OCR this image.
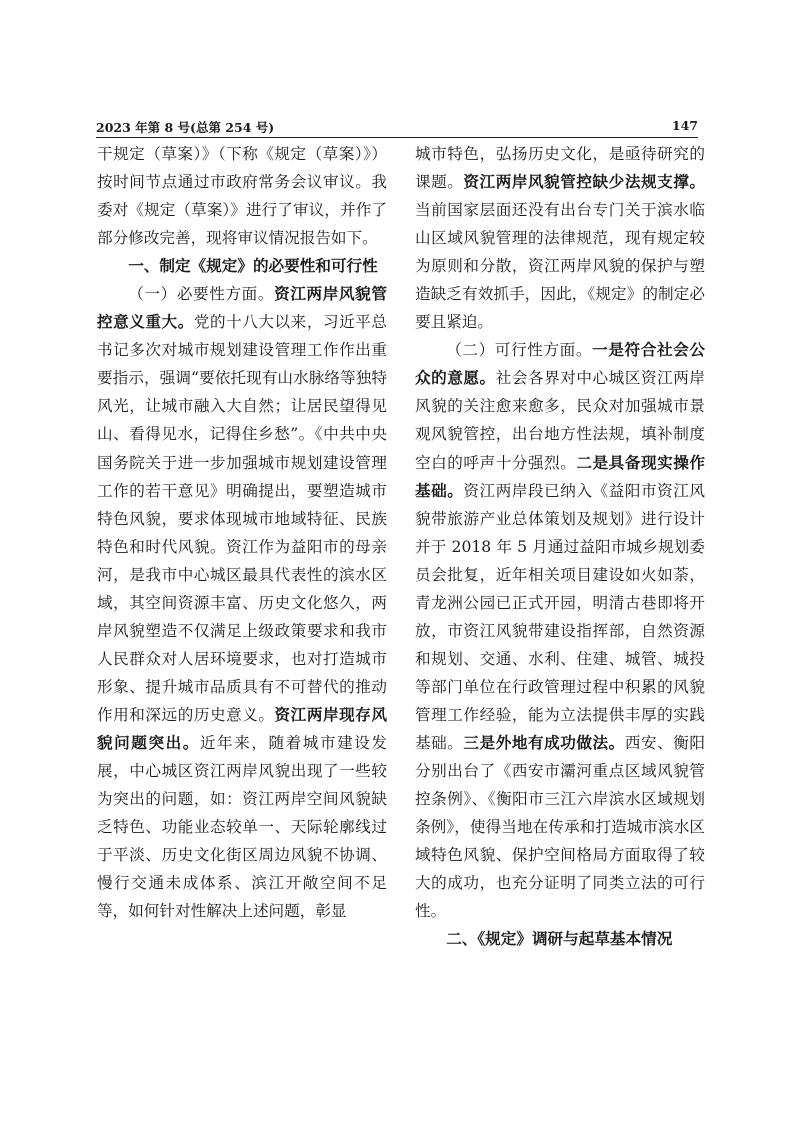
2023 年第 8 号(总第 254 号)	147

干规定（草案）》（下称《规定（草案）》）按时间节点通过市政府常务会议审议。我委对《规定（草案）》进行了审议，并作了部分修改完善，现将审议情况报告如下。

一、制定《规定》的必要性和可行性

（一）必要性方面。资江两岸风貌管控意义重大。党的十八大以来，习近平总书记多次对城市规划建设管理工作作出重要指示，强调“要依托现有山水脉络等独特风光，让城市融入大自然；让居民望得见山、看得见水，记得住乡愁”。《中共中央国务院关于进一步加强城市规划建设管理工作的若干意见》明确提出，要塑造城市特色风貌，要求体现城市地域特征、民族特色和时代风貌。资江作为益阳市的母亲河，是我市中心城区最具代表性的滨水区域，其空间资源丰富、历史文化悠久，两岸风貌塑造不仅满足上级政策要求和我市人民群众对人居环境要求，也对打造城市形象、提升城市品质具有不可替代的推动作用和深远的历史意义。资江两岸现存风貌问题突出。近年来，随着城市建设发展，中心城区资江两岸风貌出现了一些较为突出的问题，如：资江两岸空间风貌缺乏特色、功能业态较单一、天际轮廓线过于平淡、历史文化街区周边风貌不协调、慢行交通未成体系、滨江开敞空间不足等，如何针对性解决上述问题，彰显

城市特色，弘扬历史文化，是亟待研究的课题。资江两岸风貌管控缺少法规支撑。当前国家层面还没有出台专门关于滨水临山区域风貌管理的法律规范，现有规定较为原则和分散，资江两岸风貌的保护与塑造缺乏有效抓手，因此，《规定》的制定必要且紧迫。

（二）可行性方面。一是符合社会公众的意愿。社会各界对中心城区资江两岸风貌的关注愈来愈多，民众对加强城市景观风貌管控，出台地方性法规，填补制度空白的呼声十分强烈。二是具备现实操作基础。资江两岸段已纳入《益阳市资江风貌带旅游产业总体策划及规划》进行设计并于 2018 年 5 月通过益阳市城乡规划委员会批复，近年相关项目建设如火如荼，青龙洲公园已正式开园，明清古巷即将开放，市资江风貌带建设指挥部，自然资源和规划、交通、水利、住建、城管、城投等部门单位在行政管理过程中积累的风貌管理工作经验，能为立法提供丰厚的实践基础。三是外地有成功做法。西安、衡阳分别出台了《西安市灞河重点区域风貌管控条例》、《衡阳市三江六岸滨水区域规划条例》，使得当地在传承和打造城市滨水区域特色风貌、保护空间格局方面取得了较大的成功，也充分证明了同类立法的可行性。

二、《规定》调研与起草基本情况
